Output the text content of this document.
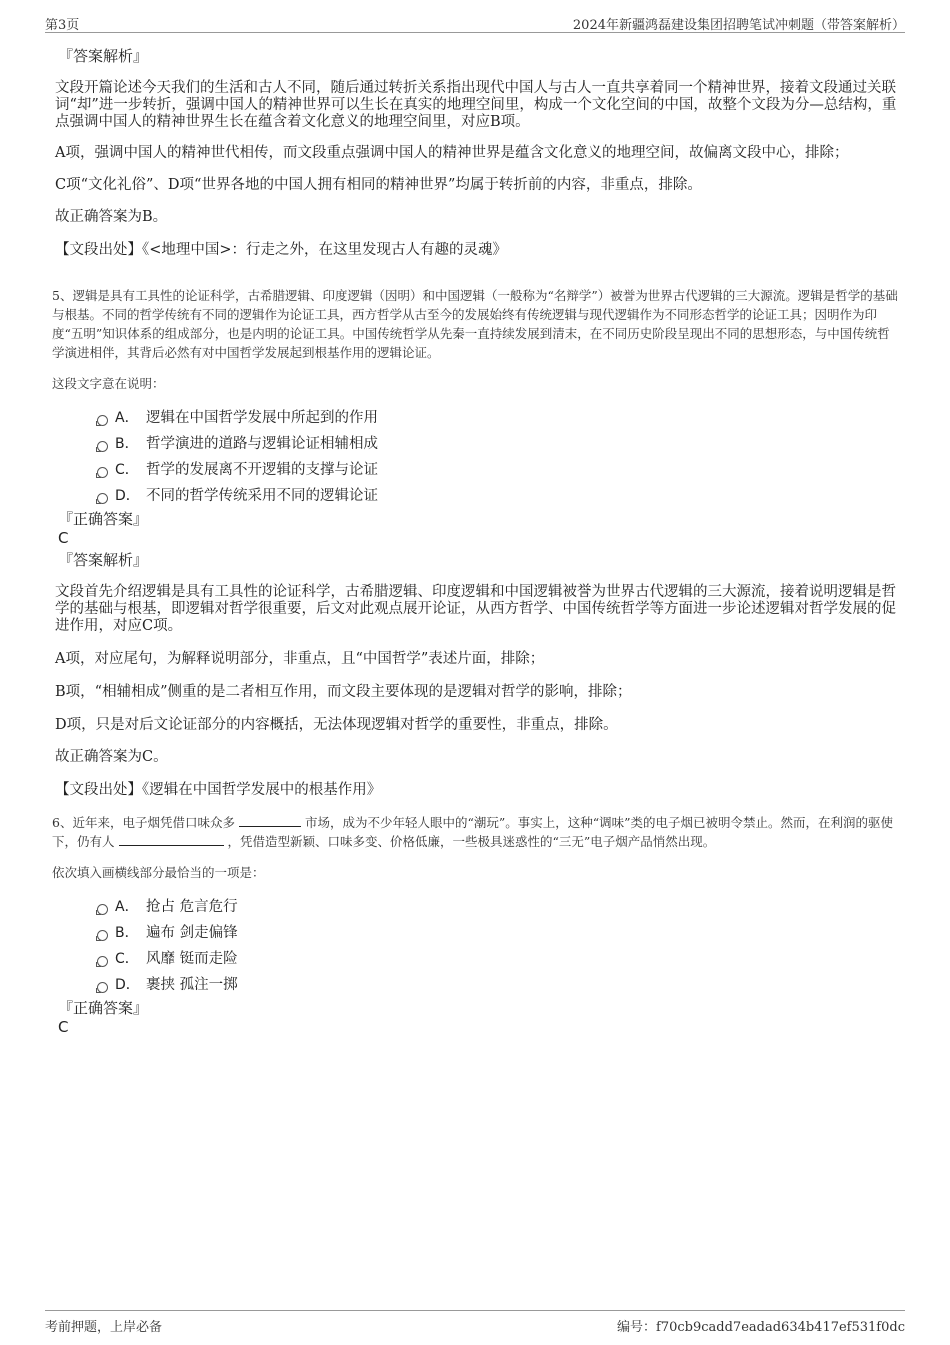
第3页	2024年新疆鸿磊建设集团招聘笔试冲刺题（带答案解析）
『答案解析』

文段开篇论述今天我们的生活和古人不同，随后通过转折关系指出现代中国人与古人一直共享着同一个精神世界，接着文段通过关联词“却”进一步转折，强调中国人的精神世界可以生长在真实的地理空间里，构成一个文化空间的中国，故整个文段为分—总结构，重点强调中国人的精神世界生长在蕴含着文化意义的地理空间里，对应B项。

A项，强调中国人的精神世代相传，而文段重点强调中国人的精神世界是蕴含文化意义的地理空间，故偏离文段中心，排除；

C项“文化礼俗”、D项“世界各地的中国人拥有相同的精神世界”均属于转折前的内容，非重点，排除。

故正确答案为B。

【文段出处】《<地理中国>：行走之外，在这里发现古人有趣的灵魂》

5、逻辑是具有工具性的论证科学，古希腊逻辑、印度逻辑（因明）和中国逻辑（一般称为“名辩学”）被誉为世界古代逻辑的三大源流。逻辑是哲学的基础与根基。不同的哲学传统有不同的逻辑作为论证工具，西方哲学从古至今的发展始终有传统逻辑与现代逻辑作为不同形态哲学的论证工具；因明作为印度“五明”知识体系的组成部分，也是内明的论证工具。中国传统哲学从先秦一直持续发展到清末，在不同历史阶段呈现出不同的思想形态，与中国传统哲学演进相伴，其背后必然有对中国哲学发展起到根基作用的逻辑论证。
这段文字意在说明：
A． 逻辑在中国哲学发展中所起到的作用
B． 哲学演进的道路与逻辑论证相辅相成
C． 哲学的发展离不开逻辑的支撑与论证
D． 不同的哲学传统采用不同的逻辑论证
『正确答案』
C
『答案解析』

文段首先介绍逻辑是具有工具性的论证科学，古希腊逻辑、印度逻辑和中国逻辑被誉为世界古代逻辑的三大源流，接着说明逻辑是哲学的基础与根基，即逻辑对哲学很重要，后文对此观点展开论证，从西方哲学、中国传统哲学等方面进一步论述逻辑对哲学发展的促进作用，对应C项。

A项，对应尾句，为解释说明部分，非重点，且“中国哲学”表述片面，排除；

B项，“相辅相成”侧重的是二者相互作用，而文段主要体现的是逻辑对哲学的影响，排除；

D项，只是对后文论证部分的内容概括，无法体现逻辑对哲学的重要性，非重点，排除。

故正确答案为C。

【文段出处】《逻辑在中国哲学发展中的根基作用》

6、近年来，电子烟凭借口味众多	市场，成为不少年轻人眼中的“潮玩”。事实上，这种“调味”类的电子烟已被明令禁止。然而，在利润的驱使下，仍有人	，凭借造型新颖、口味多变、价格低廉，一些极具迷惑性的“三无”电子烟产品悄然出现。
依次填入画横线部分最恰当的一项是：
A． 抢占 危言危行
B． 遍布 剑走偏锋
C． 风靡 铤而走险
D． 裹挟 孤注一掷
『正确答案』
C
考前押题，上岸必备	编号：f70cb9cadd7eadad634b417ef531f0dc
